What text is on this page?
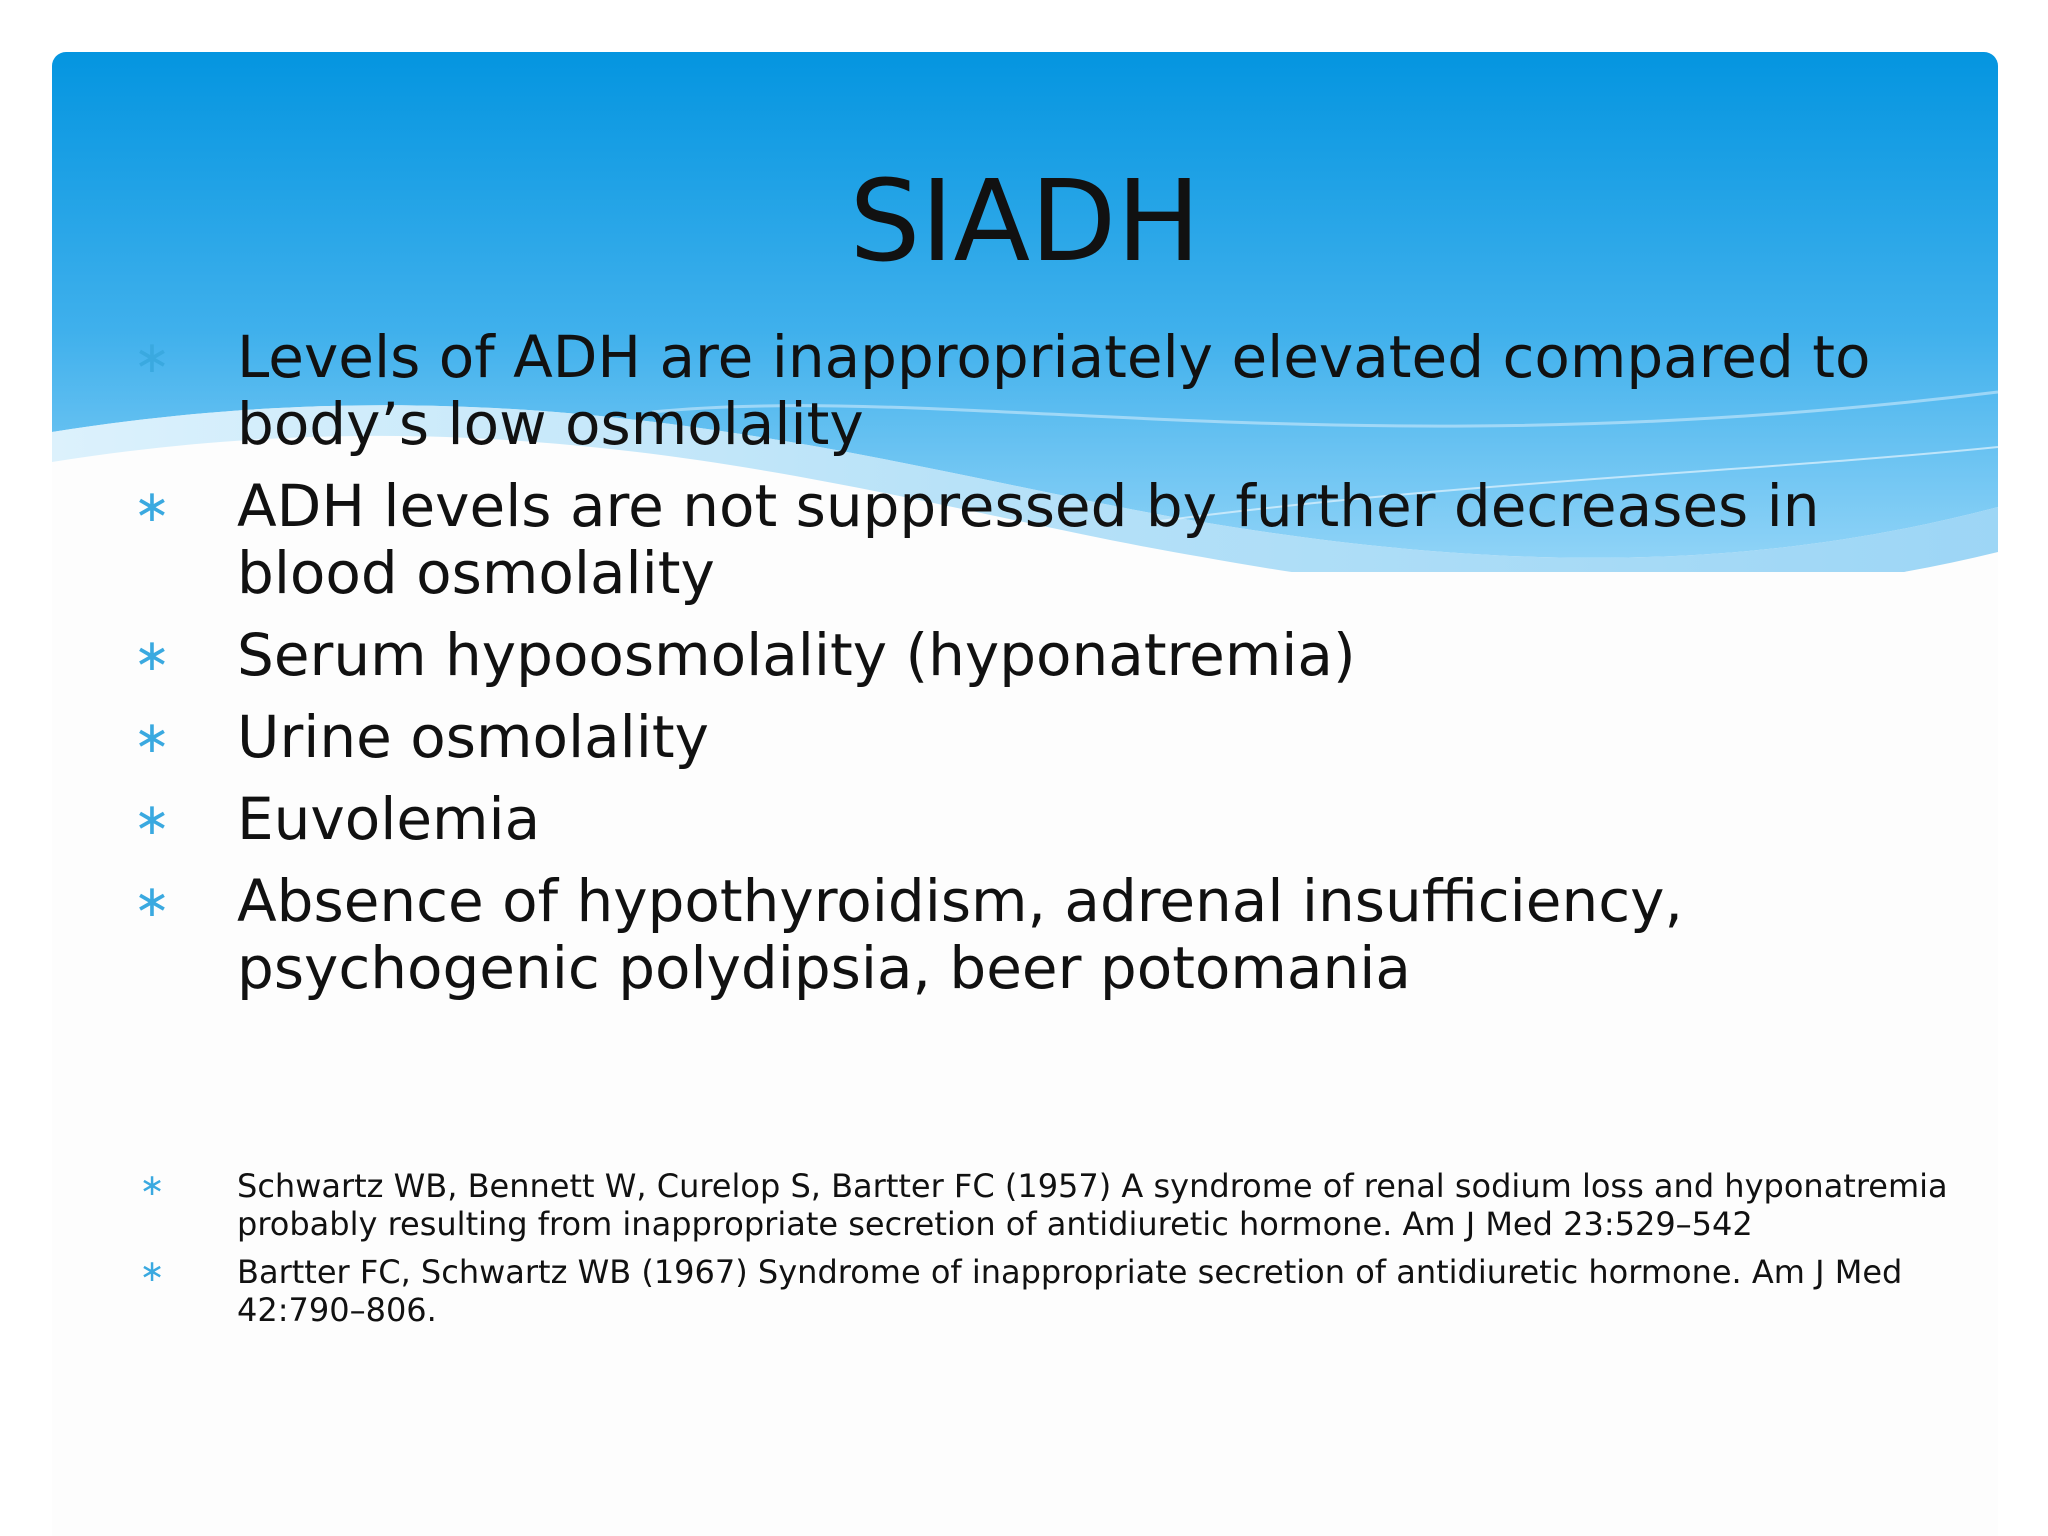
SIADH
∗ Levels of ADH are inappropriately elevated compared to body’s low osmolality
∗ ADH levels are not suppressed by further decreases in blood osmolality
∗ Serum hypoosmolality (hyponatremia)
∗ Urine osmolality
∗ Euvolemia
∗ Absence of hypothyroidism, adrenal insufficiency, psychogenic polydipsia, beer potomania
∗	Schwartz WB, Bennett W, Curelop S, Bartter FC (1957) A syndrome of renal sodium loss and hyponatremia probably resulting from inappropriate secretion of antidiuretic hormone. Am J Med 23:529–542
∗	Bartter FC, Schwartz WB (1967) Syndrome of inappropriate secretion of antidiuretic hormone. Am J Med 42:790–806.
